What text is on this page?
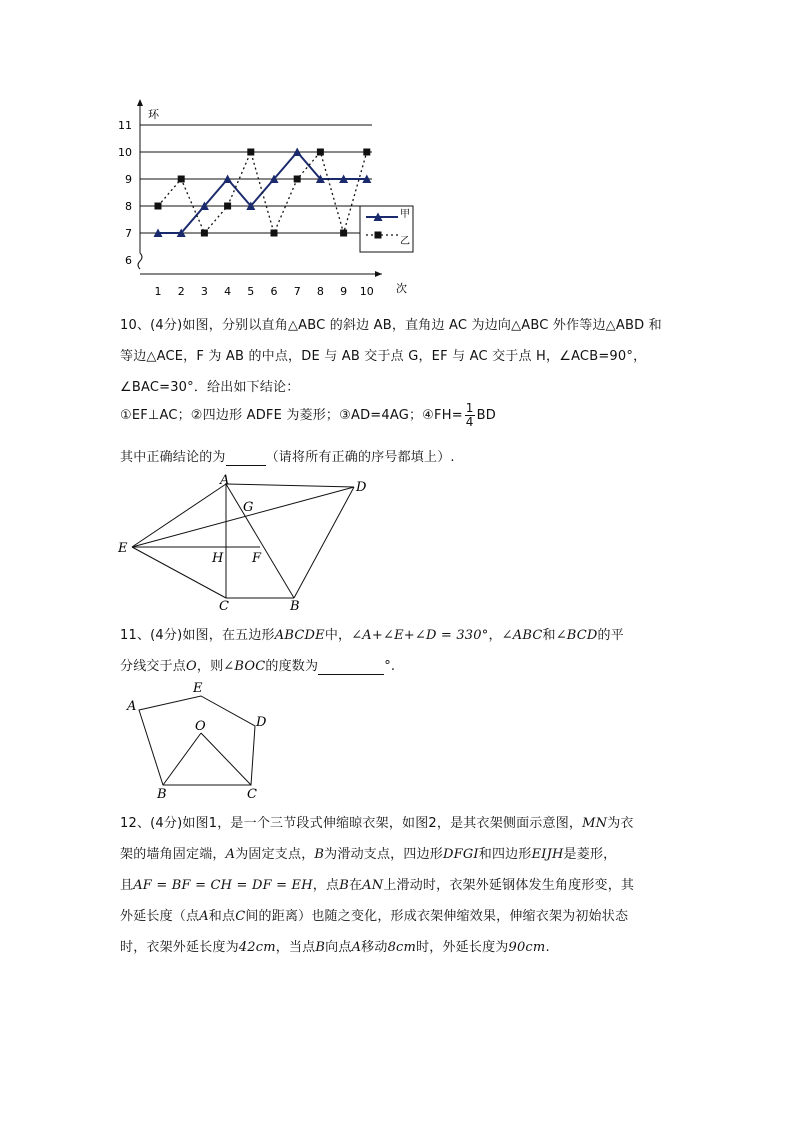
环
次
6
7
8
9
10
11
1 2 3 4 5 6 7 8 9 10
甲
乙
10、(4分)如图，分别以直角△ABC 的斜边 AB，直角边 AC 为边向△ABC 外作等边△ABD 和
等边△ACE，F 为 AB 的中点，DE 与 AB 交于点 G，EF 与 AC 交于点 H，∠ACB=90°，
∠BAC=30°．给出如下结论：
①EF⊥AC；②四边形 ADFE 为菱形；③AD=4AG；④FH= $\frac{1}{4}$ BD
其中正确结论的为	（请将所有正确的序号都填上）.
A
G
D
E
H F
C	B
11、(4分)如图，在五边形ABCDE中，∠A+∠E+∠D = 330°，∠ABC和∠BCD的平
分线交于点O，则∠BOC的度数为	°.
A
E
O	D
B	C
12、(4分)如图1，是一个三节段式伸缩晾衣架，如图2，是其衣架侧面示意图，MN为衣
架的墙角固定端，A为固定支点，B为滑动支点，四边形DFGI和四边形EIJH是菱形，
且AF = BF = CH = DF = EH，点B在AN上滑动时，衣架外延钢体发生角度形变，其
外延长度（点A和点C间的距离）也随之变化，形成衣架伸缩效果，伸缩衣架为初始状态
时，衣架外延长度为42cm，当点B向点A移动8cm时，外延长度为90cm.
